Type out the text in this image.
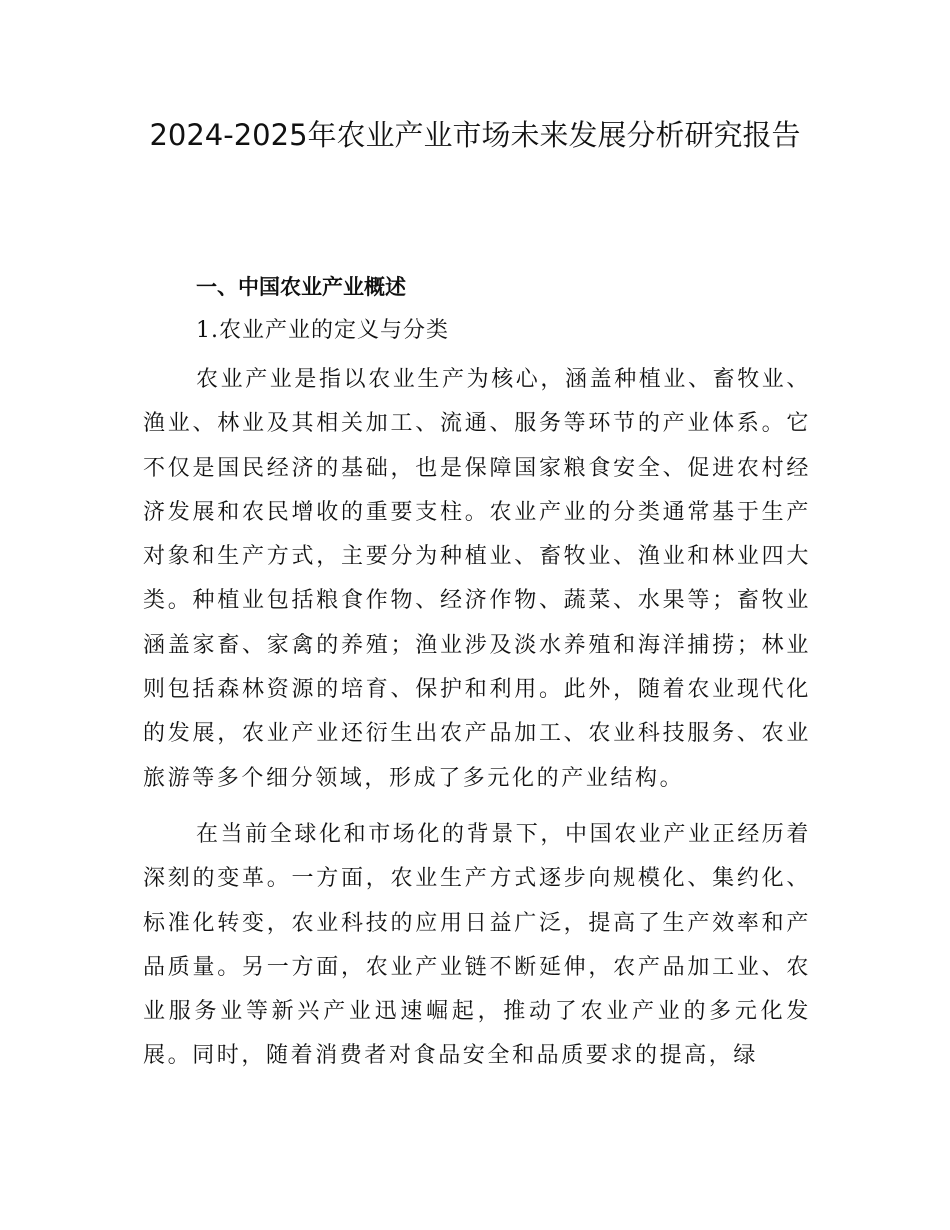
2024-2025年农业产业市场未来发展分析研究报告
一、中国农业产业概述
1.农业产业的定义与分类

农业产业是指以农业生产为核心，涵盖种植业、畜牧业、渔业、林业及其相关加工、流通、服务等环节的产业体系。它不仅是国民经济的基础，也是保障国家粮食安全、促进农村经济发展和农民增收的重要支柱。农业产业的分类通常基于生产对象和生产方式，主要分为种植业、畜牧业、渔业和林业四大类。种植业包括粮食作物、经济作物、蔬菜、水果等；畜牧业涵盖家畜、家禽的养殖；渔业涉及淡水养殖和海洋捕捞；林业则包括森林资源的培育、保护和利用。此外，随着农业现代化的发展，农业产业还衍生出农产品加工、农业科技服务、农业旅游等多个细分领域，形成了多元化的产业结构。

在当前全球化和市场化的背景下，中国农业产业正经历着深刻的变革。一方面，农业生产方式逐步向规模化、集约化、标准化转变，农业科技的应用日益广泛，提高了生产效率和产品质量。另一方面，农业产业链不断延伸，农产品加工业、农业服务业等新兴产业迅速崛起，推动了农业产业的多元化发展。同时，随着消费者对食品安全和品质要求的提高，绿
